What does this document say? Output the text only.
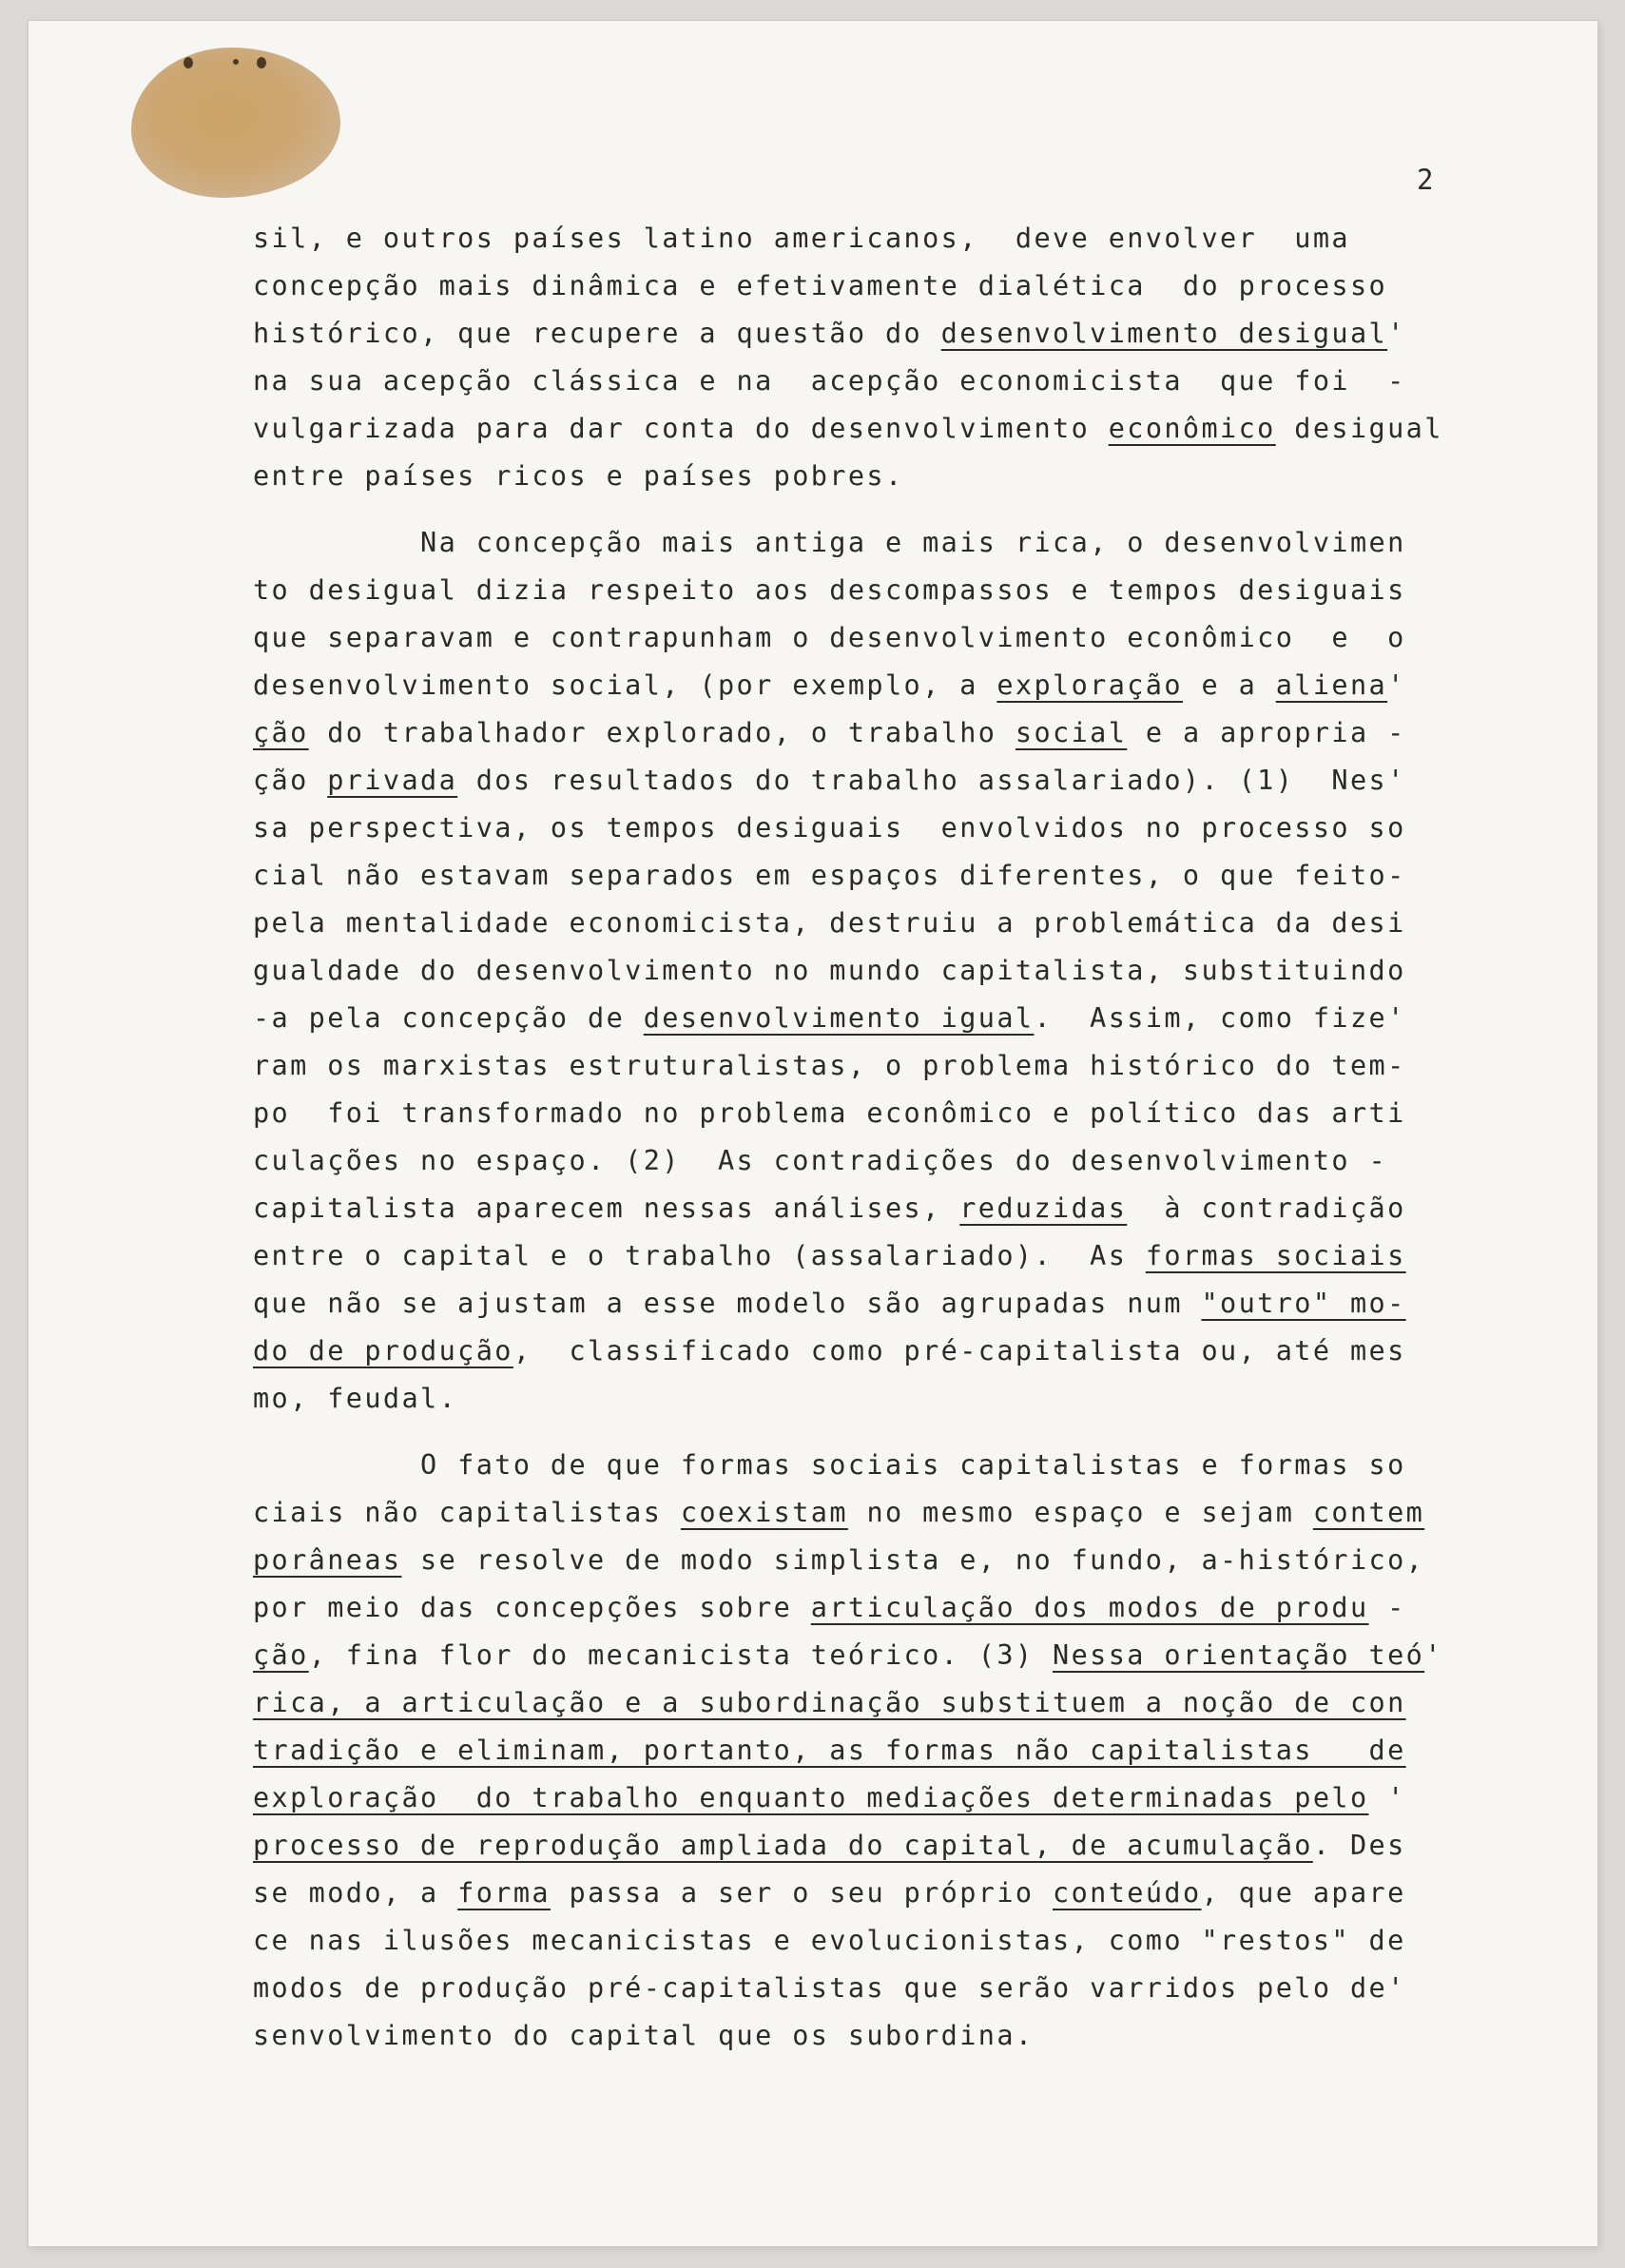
2
sil, e outros países latino americanos,  deve envolver  uma
concepção mais dinâmica e efetivamente dialética  do processo
histórico, que recupere a questão do desenvolvimento desigual'
na sua acepção clássica e na  acepção economicista  que foi  -
vulgarizada para dar conta do desenvolvimento econômico desigual
entre países ricos e países pobres.
Na concepção mais antiga e mais rica, o desenvolvimen
to desigual dizia respeito aos descompassos e tempos desiguais
que separavam e contrapunham o desenvolvimento econômico  e  o
desenvolvimento social, (por exemplo, a exploração e a aliena'
ção do trabalhador explorado, o trabalho social e a apropria -
ção privada dos resultados do trabalho assalariado). (1)  Nes'
sa perspectiva, os tempos desiguais  envolvidos no processo so
cial não estavam separados em espaços diferentes, o que feito-
pela mentalidade economicista, destruiu a problemática da desi
gualdade do desenvolvimento no mundo capitalista, substituindo
-a pela concepção de desenvolvimento igual.  Assim, como fize'
ram os marxistas estruturalistas, o problema histórico do tem-
po  foi transformado no problema econômico e político das arti
culações no espaço. (2)  As contradições do desenvolvimento -
capitalista aparecem nessas análises, reduzidas  à contradição
entre o capital e o trabalho (assalariado).  As formas sociais
que não se ajustam a esse modelo são agrupadas num "outro" mo-
do de produção,  classificado como pré-capitalista ou, até mes
mo, feudal.
O fato de que formas sociais capitalistas e formas so
ciais não capitalistas coexistam no mesmo espaço e sejam contem
porâneas se resolve de modo simplista e, no fundo, a-histórico,
por meio das concepções sobre articulação dos modos de produ -
ção, fina flor do mecanicista teórico. (3) Nessa orientação teó'
rica, a articulação e a subordinação substituem a noção de con
tradição e eliminam, portanto, as formas não capitalistas   de
exploração  do trabalho enquanto mediações determinadas pelo '
processo de reprodução ampliada do capital, de acumulação. Des
se modo, a forma passa a ser o seu próprio conteúdo, que apare
ce nas ilusões mecanicistas e evolucionistas, como "restos" de
modos de produção pré-capitalistas que serão varridos pelo de'
senvolvimento do capital que os subordina.
